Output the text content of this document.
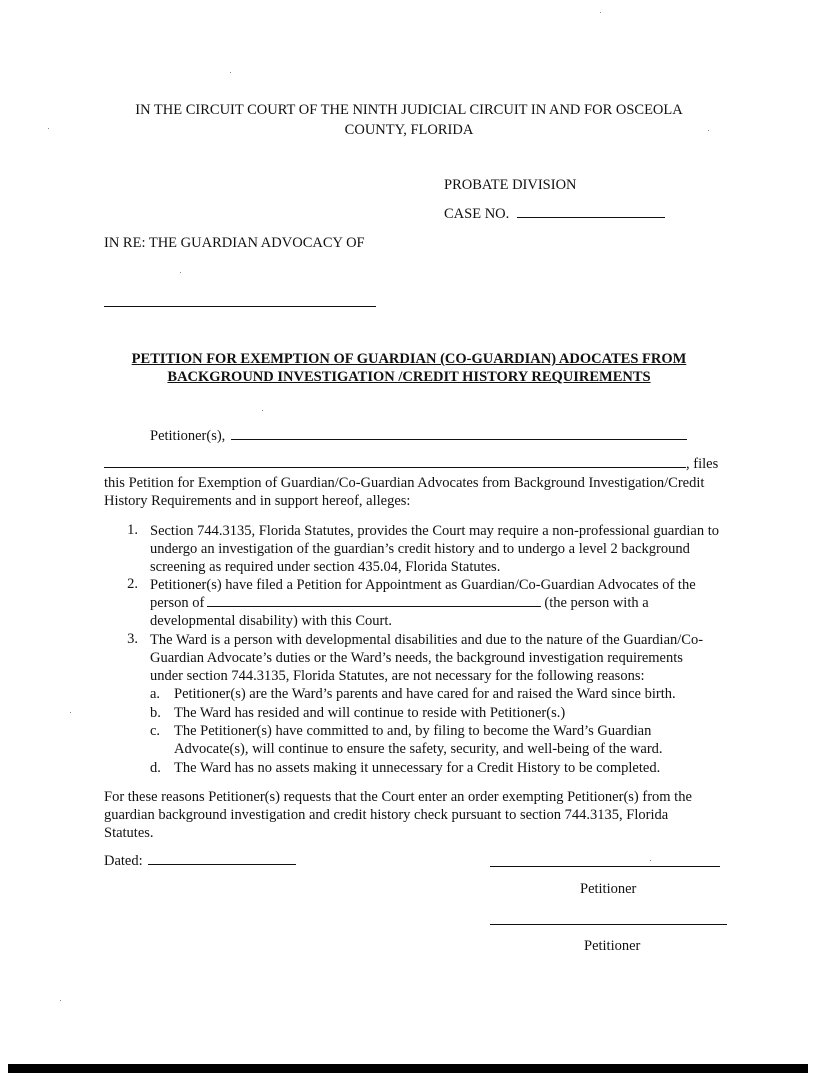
IN THE CIRCUIT COURT OF THE NINTH JUDICIAL CIRCUIT IN AND FOR OSCEOLA
COUNTY, FLORIDA
PROBATE DIVISION
CASE NO.
IN RE: THE GUARDIAN ADVOCACY OF
PETITION FOR EXEMPTION OF GUARDIAN (CO-GUARDIAN) ADOCATES FROM
BACKGROUND INVESTIGATION /CREDIT HISTORY REQUIREMENTS
Petitioner(s),
, files
this Petition for Exemption of Guardian/Co-Guardian Advocates from Background Investigation/Credit
History Requirements and in support hereof, alleges:
1. Section 744.3135, Florida Statutes, provides the Court may require a non-professional guardian to
undergo an investigation of the guardian’s credit history and to undergo a level 2 background
screening as required under section 435.04, Florida Statutes.
2. Petitioner(s) have filed a Petition for Appointment as Guardian/Co-Guardian Advocates of the
person of	(the person with a
developmental disability) with this Court.
3. The Ward is a person with developmental disabilities and due to the nature of the Guardian/Co-
Guardian Advocate’s duties or the Ward’s needs, the background investigation requirements
under section 744.3135, Florida Statutes, are not necessary for the following reasons:
a. Petitioner(s) are the Ward’s parents and have cared for and raised the Ward since birth.
b. The Ward has resided and will continue to reside with Petitioner(s.)
c. The Petitioner(s) have committed to and, by filing to become the Ward’s Guardian
Advocate(s), will continue to ensure the safety, security, and well-being of the ward.
d. The Ward has no assets making it unnecessary for a Credit History to be completed.
For these reasons Petitioner(s) requests that the Court enter an order exempting Petitioner(s) from the
guardian background investigation and credit history check pursuant to section 744.3135, Florida
Statutes.
Dated:
Petitioner
Petitioner
